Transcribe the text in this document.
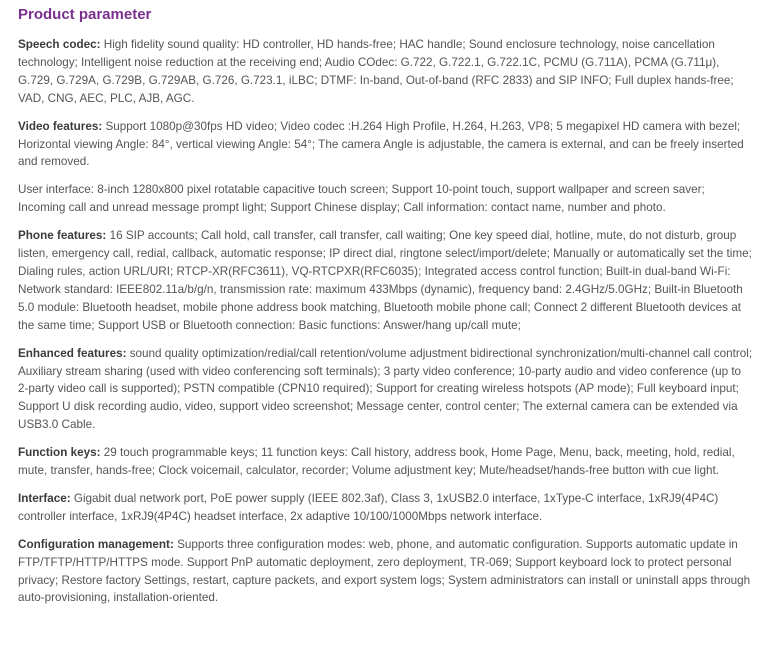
Product parameter

Speech codec: High fidelity sound quality: HD controller, HD hands-free; HAC handle; Sound enclosure technology, noise cancellation technology; Intelligent noise reduction at the receiving end; Audio COdec: G.722, G.722.1, G.722.1C, PCMU (G.711A), PCMA (G.711μ), G.729, G.729A, G.729B, G.729AB, G.726, G.723.1, iLBC; DTMF: In-band, Out-of-band (RFC 2833) and SIP INFO; Full duplex hands-free; VAD, CNG, AEC, PLC, AJB, AGC.

Video features: Support 1080p@30fps HD video; Video codec :H.264 High Profile, H.264, H.263, VP8; 5 megapixel HD camera with bezel; Horizontal viewing Angle: 84°, vertical viewing Angle: 54°; The camera Angle is adjustable, the camera is external, and can be freely inserted and removed.

User interface: 8-inch 1280x800 pixel rotatable capacitive touch screen; Support 10-point touch, support wallpaper and screen saver; Incoming call and unread message prompt light; Support Chinese display; Call information: contact name, number and photo.

Phone features: 16 SIP accounts; Call hold, call transfer, call transfer, call waiting; One key speed dial, hotline, mute, do not disturb, group listen, emergency call, redial, callback, automatic response; IP direct dial, ringtone select/import/delete; Manually or automatically set the time; Dialing rules, action URL/URI; RTCP-XR(RFC3611), VQ-RTCPXR(RFC6035); Integrated access control function; Built-in dual-band Wi-Fi: Network standard: IEEE802.11a/b/g/n, transmission rate: maximum 433Mbps (dynamic), frequency band: 2.4GHz/5.0GHz; Built-in Bluetooth 5.0 module: Bluetooth headset, mobile phone address book matching, Bluetooth mobile phone call; Connect 2 different Bluetooth devices at the same time; Support USB or Bluetooth connection: Basic functions: Answer/hang up/call mute;

Enhanced features: sound quality optimization/redial/call retention/volume adjustment bidirectional synchronization/multi-channel call control; Auxiliary stream sharing (used with video conferencing soft terminals); 3 party video conference; 10-party audio and video conference (up to 2-party video call is supported); PSTN compatible (CPN10 required); Support for creating wireless hotspots (AP mode); Full keyboard input; Support U disk recording audio, video, support video screenshot; Message center, control center; The external camera can be extended via USB3.0 Cable.

Function keys: 29 touch programmable keys; 11 function keys: Call history, address book, Home Page, Menu, back, meeting, hold, redial, mute, transfer, hands-free; Clock voicemail, calculator, recorder; Volume adjustment key; Mute/headset/hands-free button with cue light.

Interface: Gigabit dual network port, PoE power supply (IEEE 802.3af), Class 3, 1xUSB2.0 interface, 1xType-C interface, 1xRJ9(4P4C) controller interface, 1xRJ9(4P4C) headset interface, 2x adaptive 10/100/1000Mbps network interface.

Configuration management: Supports three configuration modes: web, phone, and automatic configuration. Supports automatic update in FTP/TFTP/HTTP/HTTPS mode. Support PnP automatic deployment, zero deployment, TR-069; Support keyboard lock to protect personal privacy; Restore factory Settings, restart, capture packets, and export system logs; System administrators can install or uninstall apps through auto-provisioning, installation-oriented.
